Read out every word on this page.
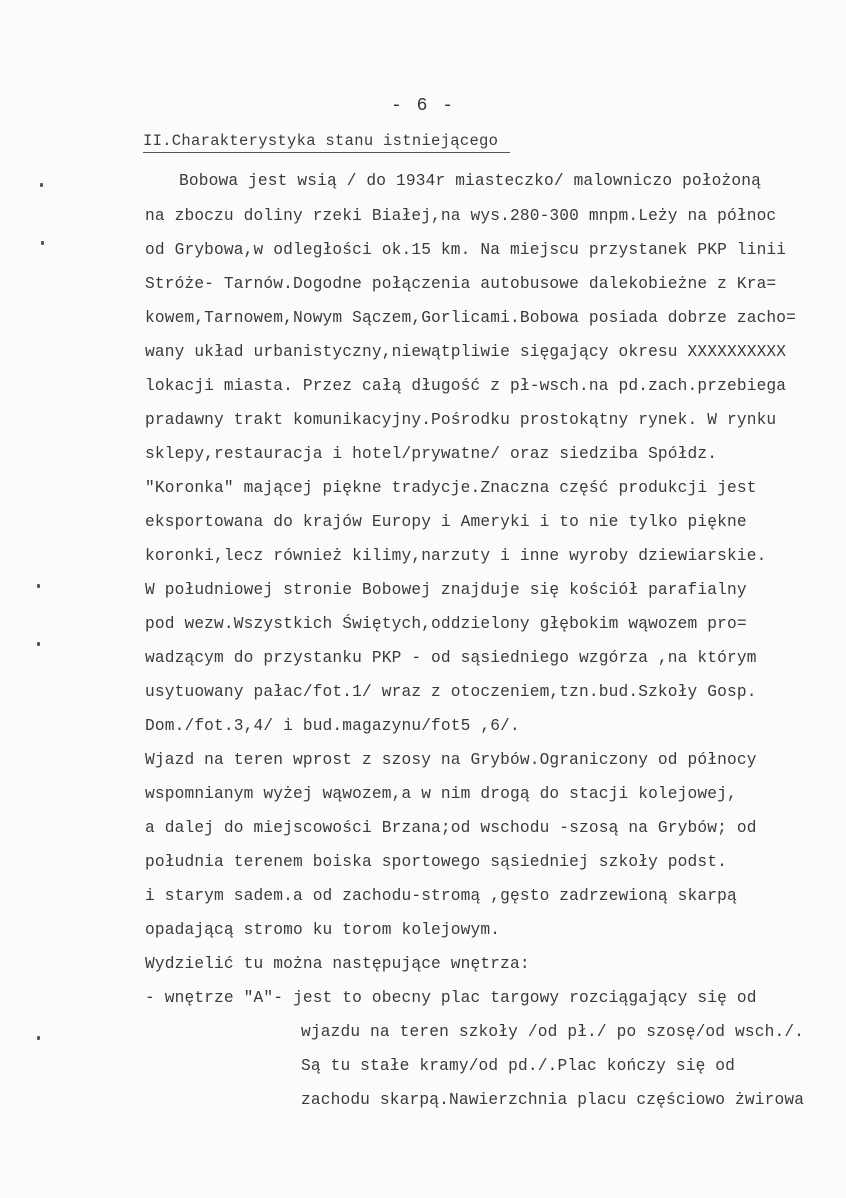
- 6 -
II.Charakterystyka stanu istniejącego
Bobowa jest wsią / do 1934r miasteczko/ malowniczo położoną
na zboczu doliny rzeki Białej,na wys.280-300 mnpm.Leży na północ
od Grybowa,w odległości ok.15 km. Na miejscu przystanek PKP linii
Stróże- Tarnów.Dogodne połączenia autobusowe dalekobieżne z Kra=
kowem,Tarnowem,Nowym Sączem,Gorlicami.Bobowa posiada dobrze zacho=
wany układ urbanistyczny,niewątpliwie sięgający okresu XXXXXXXXXX
lokacji miasta. Przez całą długość z pł-wsch.na pd.zach.przebiega
pradawny trakt komunikacyjny.Pośrodku prostokątny rynek. W rynku
sklepy,restauracja i hotel/prywatne/ oraz siedziba Spółdz.
"Koronka" mającej piękne tradycje.Znaczna część produkcji jest
eksportowana do krajów Europy i Ameryki i to nie tylko piękne
koronki,lecz również kilimy,narzuty i inne wyroby dziewiarskie.
W południowej stronie Bobowej znajduje się kościół parafialny
pod wezw.Wszystkich Świętych,oddzielony głębokim wąwozem pro=
wadzącym do przystanku PKP - od sąsiedniego wzgórza ,na którym
usytuowany pałac/fot.1/ wraz z otoczeniem,tzn.bud.Szkoły Gosp.
Dom./fot.3,4/ i bud.magazynu/fot5 ,6/.
Wjazd na teren wprost z szosy na Grybów.Ograniczony od północy
wspomnianym wyżej wąwozem,a w nim drogą do stacji kolejowej,
a dalej do miejscowości Brzana;od wschodu -szosą na Grybów; od
południa terenem boiska sportowego sąsiedniej szkoły podst.
i starym sadem.a od zachodu-stromą ,gęsto zadrzewioną skarpą
opadającą stromo ku torom kolejowym.
Wydzielić tu można następujące wnętrza:
- wnętrze "A"- jest to obecny plac targowy rozciągający się od
wjazdu na teren szkoły /od pł./ po szosę/od wsch./.
Są tu stałe kramy/od pd./.Plac kończy się od
zachodu skarpą.Nawierzchnia placu częściowo żwirowa
